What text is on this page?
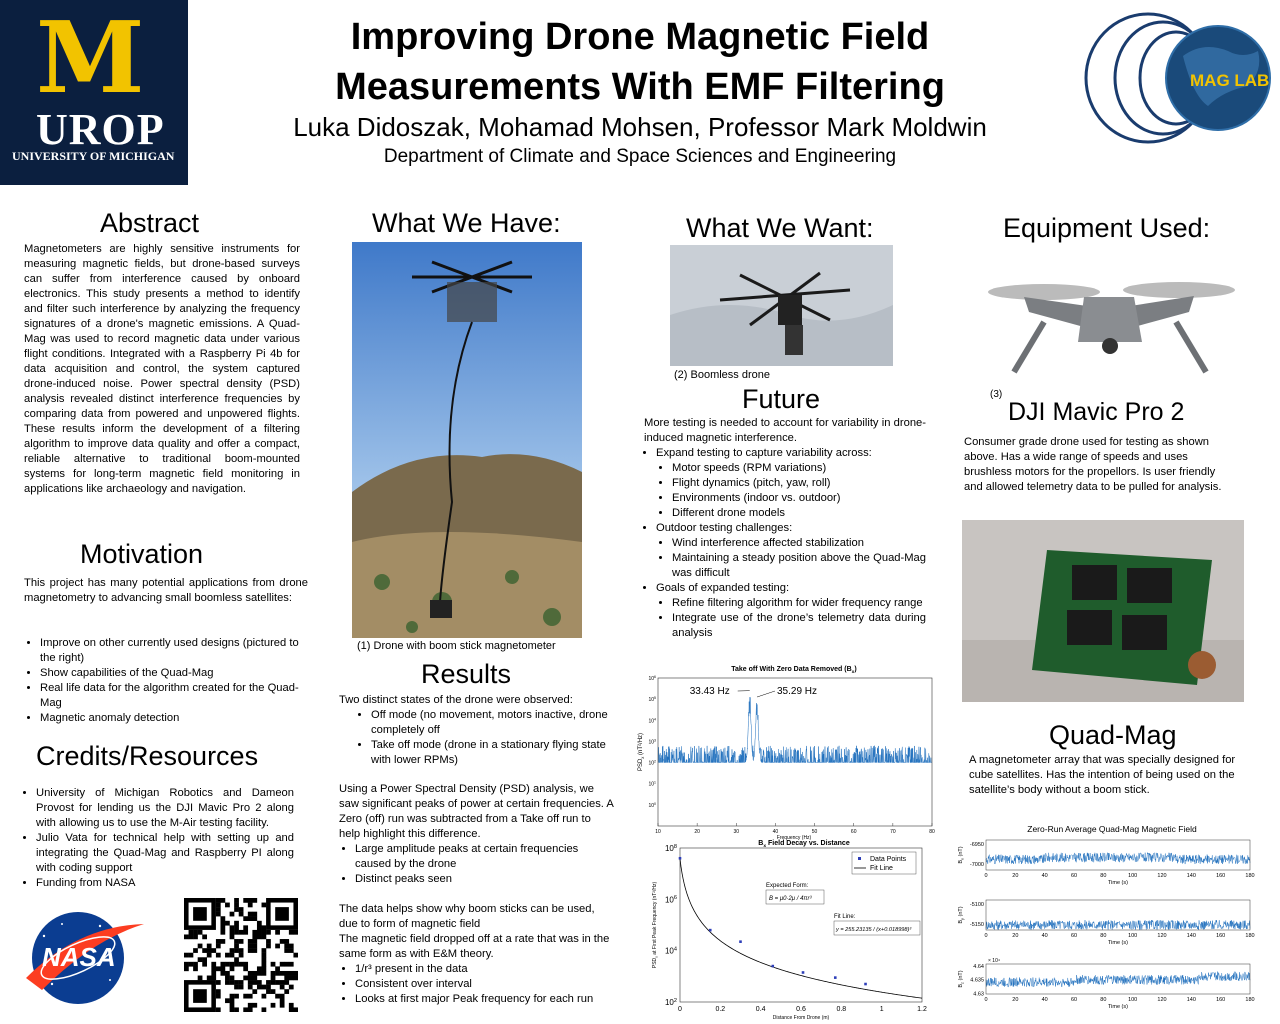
M
UROP
UNIVERSITY OF MICHIGAN
Improving Drone Magnetic Field
Measurements With EMF Filtering
Luka Didoszak, Mohamad Mohsen, Professor Mark Moldwin
Department of Climate and Space Sciences and Engineering
MAG LAB
Abstract
Magnetometers are highly sensitive instruments for measuring magnetic fields, but drone-based surveys can suffer from interference caused by onboard electronics. This study presents a method to identify and filter such interference by analyzing the frequency signatures of a drone's magnetic emissions. A Quad-Mag was used to record magnetic data under various flight conditions. Integrated with a Raspberry Pi 4b for data acquisition and control, the system captured drone-induced noise. Power spectral density (PSD) analysis revealed distinct interference frequencies by comparing data from powered and unpowered flights. These results inform the development of a filtering algorithm to improve data quality and offer a compact, reliable alternative to traditional boom-mounted systems for long-term magnetic field monitoring in applications like archaeology and navigation.
Motivation
This project has many potential applications from drone magnetometry to advancing small boomless satellites:
• Improve on other currently used designs (pictured to the right)
• Show capabilities of the Quad-Mag
• Real life data for the algorithm created for the Quad-Mag
• Magnetic anomaly detection
Credits/Resources
• University of Michigan Robotics and Dameon Provost for lending us the DJI Mavic Pro 2 along with allowing us to use the M-Air testing facility.
• Julio Vata for technical help with setting up and integrating the Quad-Mag and Raspberry PI along with coding support
• Funding from NASA
NASA
What We Have:
(1) Drone with boom stick magnetometer
Results
Two distinct states of the drone were observed:
• Off mode (no movement, motors inactive, drone completely off
• Take off mode (drone in a stationary flying state with lower RPMs)
Using a Power Spectral Density (PSD) analysis, we saw significant peaks of power at certain frequencies. A Zero (off) run was subtracted from a Take off run to help highlight this difference.
• Large amplitude peaks at certain frequencies caused by the drone
• Distinct peaks seen
The data helps show why boom sticks can be used, due to form of magnetic field
The magnetic field dropped off at a rate that was in the same form as with E&M theory.
• 1/r³ present in the data
• Consistent over interval
• Looks at first major Peak frequency for each run
What We Want:
(2) Boomless drone
Future
More testing is needed to account for variability in drone-induced magnetic interference.
• Expand testing to capture variability across:
• Motor speeds (RPM variations)
• Flight dynamics (pitch, yaw, roll)
• Environments (indoor vs. outdoor)
• Different drone models
• Outdoor testing challenges:
• Wind interference affected stabilization
• Maintaining a steady position above the Quad-Mag was difficult
• Goals of expanded testing:
• Refine filtering algorithm for wider frequency range
• Integrate use of the drone’s telemetry data during analysis
Take off With Zero Data Removed $(B_x)$
10	20	30	40	50	60	70	80
$10^0$
$10^1$
$10^2$
$10^3$
$10^4$
$10^5$
$10^6$
Frequency (Hz)
$PSD_x$ (nT²/Hz)
33.43 Hz	35.29 Hz
$B_x$ Field Decay vs. Distance
0	0.2	0.4	0.6	0.8	1	1.2
$10^2$
$10^4$
$10^6$
$10^8$
Distance From Drone (m)
$PSD_x$ at First Peak Frequency (nT²/Hz)
Data Points
Fit Line
Expected Form:
B = μ0·2μ / 4πr³
Fit Line:
y = 255.23135 / (x+0.018998)³
Equipment Used:
(3)
DJI Mavic Pro 2
Consumer grade drone used for testing as shown above. Has a wide range of speeds and uses brushless motors for the propellors. Is user friendly and allowed telemetry data to be pulled for analysis.
Quad-Mag
A magnetometer array that was specially designed for cube satellites. Has the intention of being used on the satellite’s body without a boom stick.
Zero-Run Average Quad-Mag Magnetic Field
0	20	40	60	80	100	120	140	160	180
-6950
-7000
$B_x$ (nT)
Time (s)
0	20	40	60	80	100	120	140	160	180
-5100
-5150
$B_y$ (nT)
Time (s)
0	20	40	60	80	100	120	140	160	180
4.64
4.635
4.63
× 10⁴
$B_z$ (nT)
Time (s)
